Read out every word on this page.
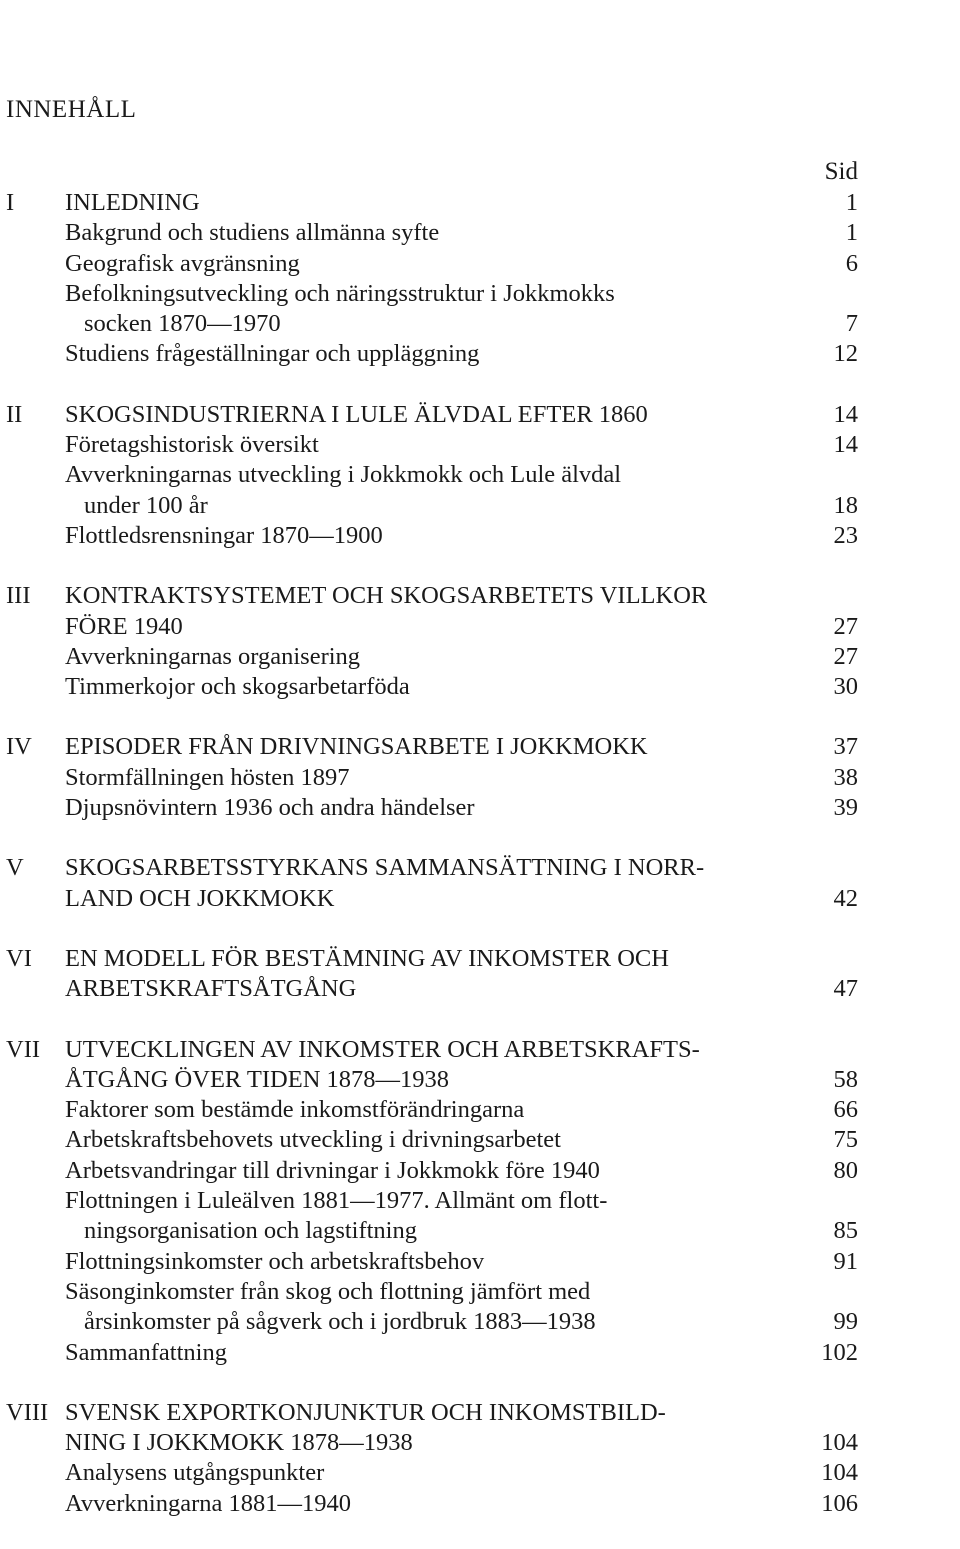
INNEHÅLL
Sid
I INLEDNING	1
Bakgrund och studiens allmänna syfte	1
Geografisk avgränsning	6
Befolkningsutveckling och näringsstruktur i Jokkmokks
socken 1870—1970	7
Studiens frågeställningar och uppläggning	12
II SKOGSINDUSTRIERNA I LULE ÄLVDAL EFTER 1860	14
Företagshistorisk översikt	14
Avverkningarnas utveckling i Jokkmokk och Lule älvdal
under 100 år	18
Flottledsrensningar 1870—1900	23
III KONTRAKTSYSTEMET OCH SKOGSARBETETS VILLKOR
FÖRE 1940	27
Avverkningarnas organisering	27
Timmerkojor och skogsarbetarföda	30
IV EPISODER FRÅN DRIVNINGSARBETE I JOKKMOKK	37
Stormfällningen hösten 1897	38
Djupsnövintern 1936 och andra händelser	39
V SKOGSARBETSSTYRKANS SAMMANSÄTTNING I NORR-
LAND OCH JOKKMOKK	42
VI EN MODELL FÖR BESTÄMNING AV INKOMSTER OCH
ARBETSKRAFTSÅTGÅNG	47
VII UTVECKLINGEN AV INKOMSTER OCH ARBETSKRAFTS-
ÅTGÅNG ÖVER TIDEN 1878—1938	58
Faktorer som bestämde inkomstförändringarna	66
Arbetskraftsbehovets utveckling i drivningsarbetet	75
Arbetsvandringar till drivningar i Jokkmokk före 1940	80
Flottningen i Luleälven 1881—1977. Allmänt om flott-
ningsorganisation och lagstiftning	85
Flottningsinkomster och arbetskraftsbehov	91
Säsonginkomster från skog och flottning jämfört med
årsinkomster på sågverk och i jordbruk 1883—1938	99
Sammanfattning	102
VIII SVENSK EXPORTKONJUNKTUR OCH INKOMSTBILD-
NING I JOKKMOKK 1878—1938	104
Analysens utgångspunkter	104
Avverkningarna 1881—1940	106
